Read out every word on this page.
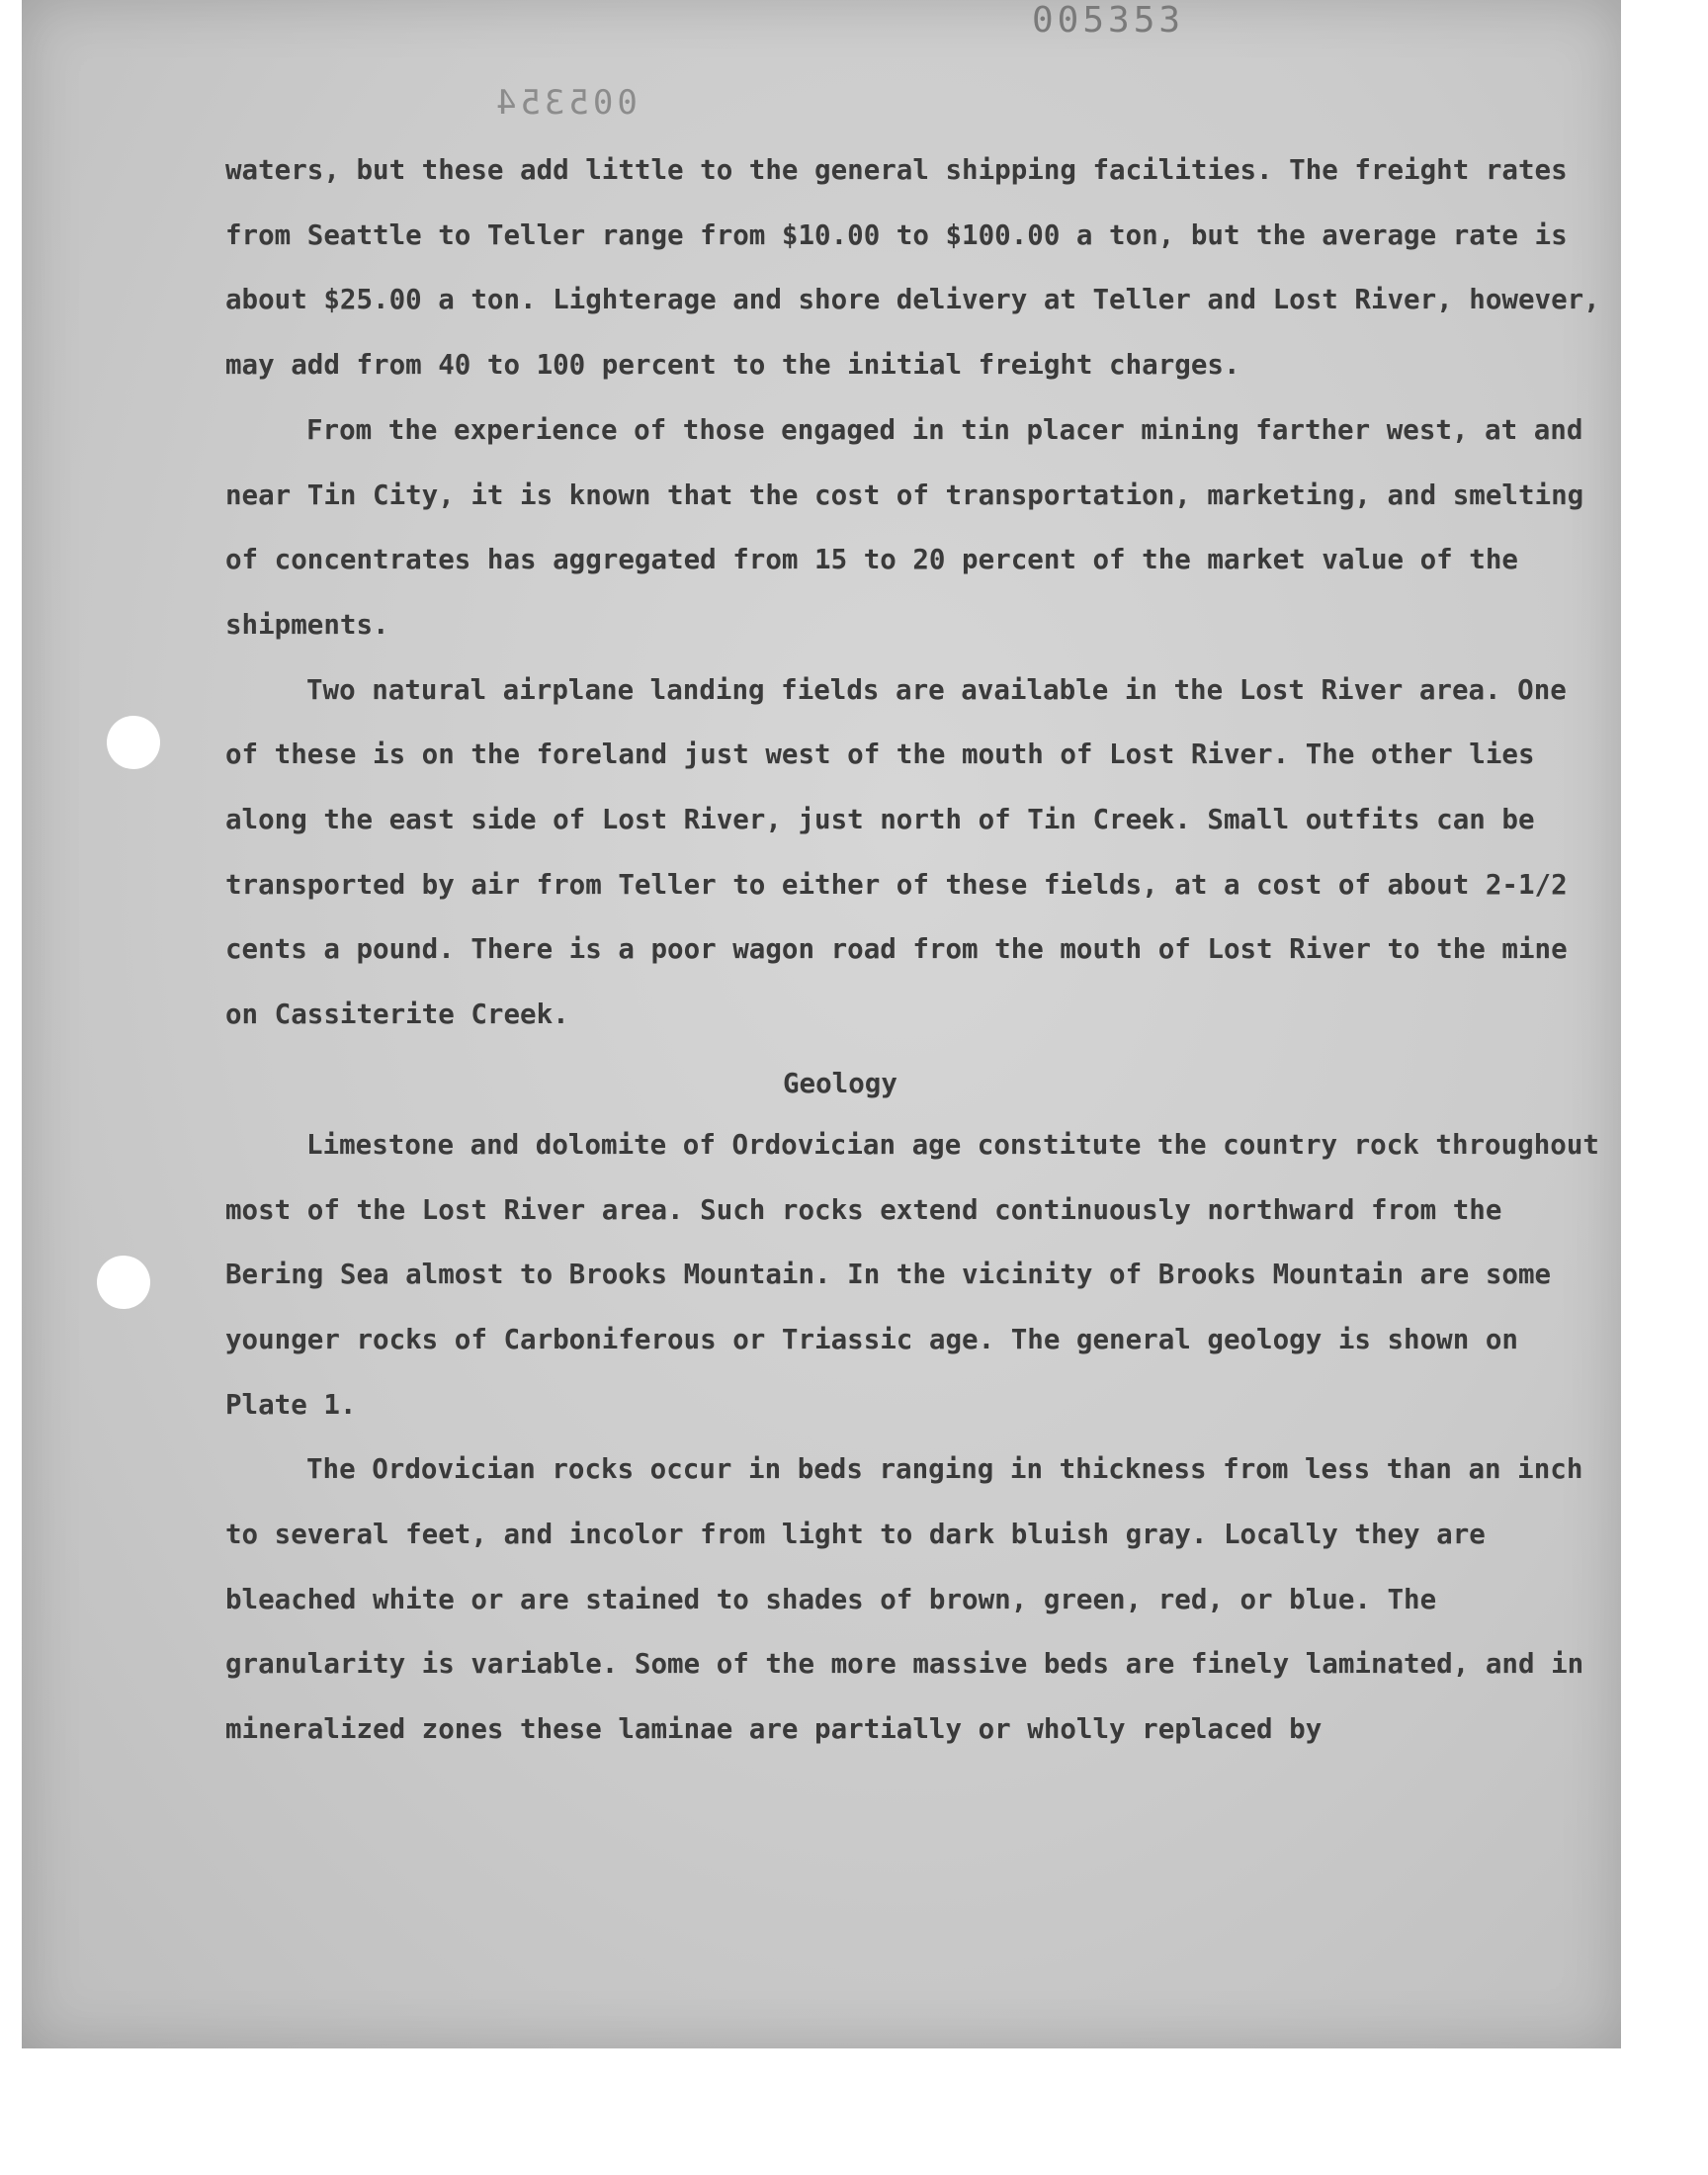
005353
005354

waters, but these add little to the general shipping facilities. The freight rates from Seattle to Teller range from $10.00 to $100.00 a ton, but the average rate is about $25.00 a ton. Lighterage and shore delivery at Teller and Lost River, however, may add from 40 to 100 percent to the initial freight charges.

From the experience of those engaged in tin placer mining farther west, at and near Tin City, it is known that the cost of transportation, marketing, and smelting of concentrates has aggregated from 15 to 20 percent of the market value of the shipments.

Two natural airplane landing fields are available in the Lost River area. One of these is on the foreland just west of the mouth of Lost River. The other lies along the east side of Lost River, just north of Tin Creek. Small outfits can be transported by air from Teller to either of these fields, at a cost of about 2-1/2 cents a pound. There is a poor wagon road from the mouth of Lost River to the mine on Cassiterite Creek.

Geology

Limestone and dolomite of Ordovician age constitute the country rock throughout most of the Lost River area. Such rocks extend continuously northward from the Bering Sea almost to Brooks Mountain. In the vicinity of Brooks Mountain are some younger rocks of Carboniferous or Triassic age. The general geology is shown on Plate 1.

The Ordovician rocks occur in beds ranging in thickness from less than an inch to several feet, and incolor from light to dark bluish gray. Locally they are bleached white or are stained to shades of brown, green, red, or blue. The granularity is variable. Some of the more massive beds are finely laminated, and in mineralized zones these laminae are partially or wholly replaced by
